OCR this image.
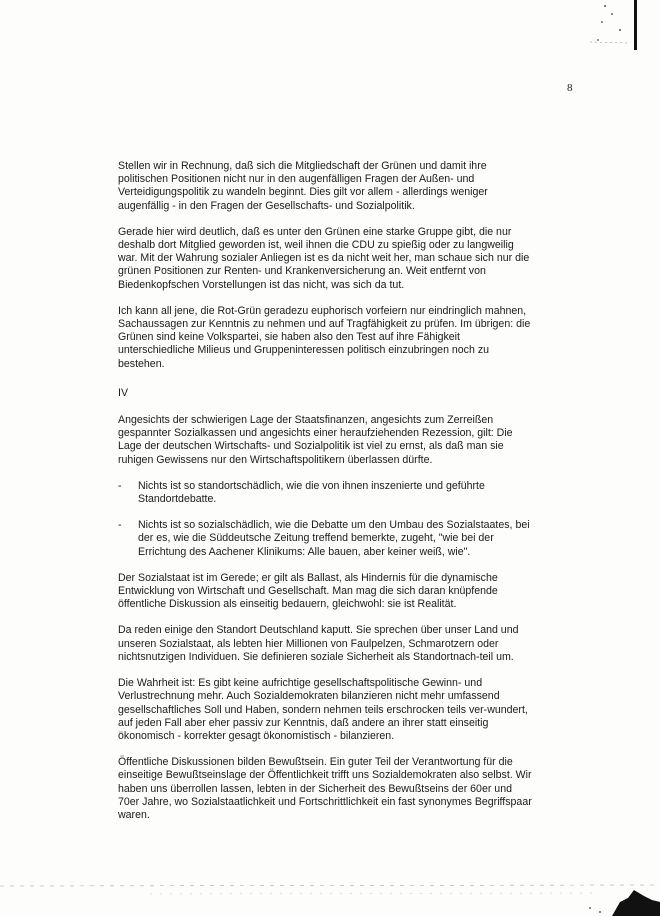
8

Stellen wir in Rechnung, daß sich die Mitgliedschaft der Grünen und damit ihre politischen Positionen nicht nur in den augenfälligen Fragen der Außen- und Verteidigungspolitik zu wandeln beginnt. Dies gilt vor allem - allerdings weniger augenfällig - in den Fragen der Gesellschafts- und Sozialpolitik.

Gerade hier wird deutlich, daß es unter den Grünen eine starke Gruppe gibt, die nur deshalb dort Mitglied geworden ist, weil ihnen die CDU zu spießig oder zu langweilig war. Mit der Wahrung sozialer Anliegen ist es da nicht weit her, man schaue sich nur die grünen Positionen zur Renten- und Krankenversicherung an. Weit entfernt von Biedenkopfschen Vorstellungen ist das nicht, was sich da tut.

Ich kann all jene, die Rot-Grün geradezu euphorisch vorfeiern nur eindringlich mahnen, Sachaussagen zur Kenntnis zu nehmen und auf Tragfähigkeit zu prüfen. Im übrigen: die Grünen sind keine Volkspartei, sie haben also den Test auf ihre Fähigkeit unterschiedliche Milieus und Gruppeninteressen politisch einzubringen noch zu bestehen.

IV

Angesichts der schwierigen Lage der Staatsfinanzen, angesichts zum Zerreißen gespannter Sozialkassen und angesichts einer heraufziehenden Rezession, gilt: Die Lage der deutschen Wirtschafts- und Sozialpolitik ist viel zu ernst, als daß man sie ruhigen Gewissens nur den Wirtschaftspolitikern überlassen dürfte.

-	Nichts ist so standortschädlich, wie die von ihnen inszenierte und geführte Standortdebatte.
-	Nichts ist so sozialschädlich, wie die Debatte um den Umbau des Sozialstaates, bei der es, wie die Süddeutsche Zeitung treffend bemerkte, zugeht, "wie bei der Errichtung des Aachener Klinikums: Alle bauen, aber keiner weiß, wie".

Der Sozialstaat ist im Gerede; er gilt als Ballast, als Hindernis für die dynamische Entwicklung von Wirtschaft und Gesellschaft. Man mag die sich daran knüpfende öffentliche Diskussion als einseitig bedauern, gleichwohl: sie ist Realität.

Da reden einige den Standort Deutschland kaputt. Sie sprechen über unser Land und unseren Sozialstaat, als lebten hier Millionen von Faulpelzen, Schmarotzern oder nichtsnutzigen Individuen. Sie definieren soziale Sicherheit als Standortnach-teil um.

Die Wahrheit ist: Es gibt keine aufrichtige gesellschaftspolitische Gewinn- und Verlustrechnung mehr. Auch Sozialdemokraten bilanzieren nicht mehr umfassend gesellschaftliches Soll und Haben, sondern nehmen teils erschrocken teils ver-wundert, auf jeden Fall aber eher passiv zur Kenntnis, daß andere an ihrer statt einseitig ökonomisch - korrekter gesagt ökonomistisch - bilanzieren.

Öffentliche Diskussionen bilden Bewußtsein. Ein guter Teil der Verantwortung für die einseitige Bewußtseinslage der Öffentlichkeit trifft uns Sozialdemokraten also selbst. Wir haben uns überrollen lassen, lebten in der Sicherheit des Bewußtseins der 60er und 70er Jahre, wo Sozialstaatlichkeit und Fortschrittlichkeit ein fast synonymes Begriffspaar waren.
